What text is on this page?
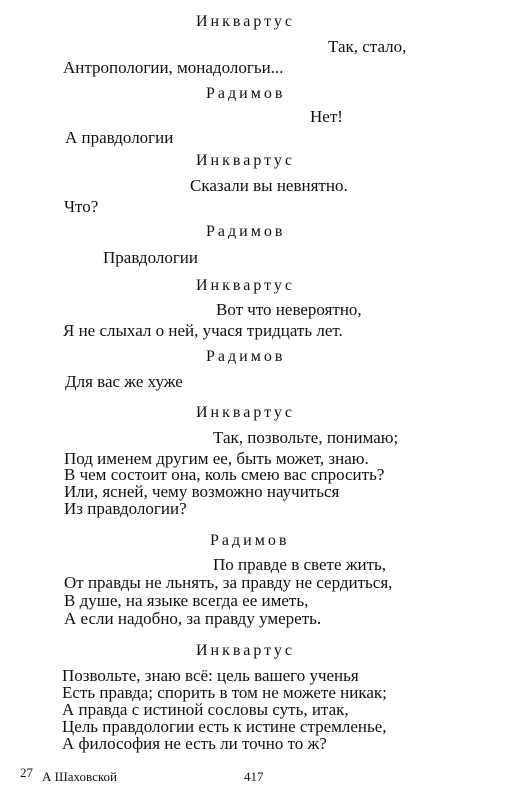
Инквартус
Так, стало,
Антропологии, монадологьи...
Радимов
Нет!
А правдологии
Инквартус
Сказали вы невнятно.
Что?
Радимов
Правдологии
Инквартус
Вот что невероятно,
Я не слыхал о ней, учася тридцать лет.
Радимов
Для вас же хуже
Инквартус
Так, позвольте, понимаю;
Под именем другим ее, быть может, знаю.
В чем состоит она, коль смею вас спросить?
Или, ясней, чему возможно научиться
Из правдологии?
Радимов
По правде в свете жить,
От правды не льнять, за правду не сердиться,
В душе, на языке всегда ее иметь,
А если надобно, за правду умереть.
Инквартус
Позвольте, знаю всё: цель вашего ученья
Есть правда; спорить в том не можете никак;
А правда с истиной сословы суть, итак,
Цель правдологии есть к истине стремленье,
А философия не есть ли точно то ж?
27 А Шаховской	417
